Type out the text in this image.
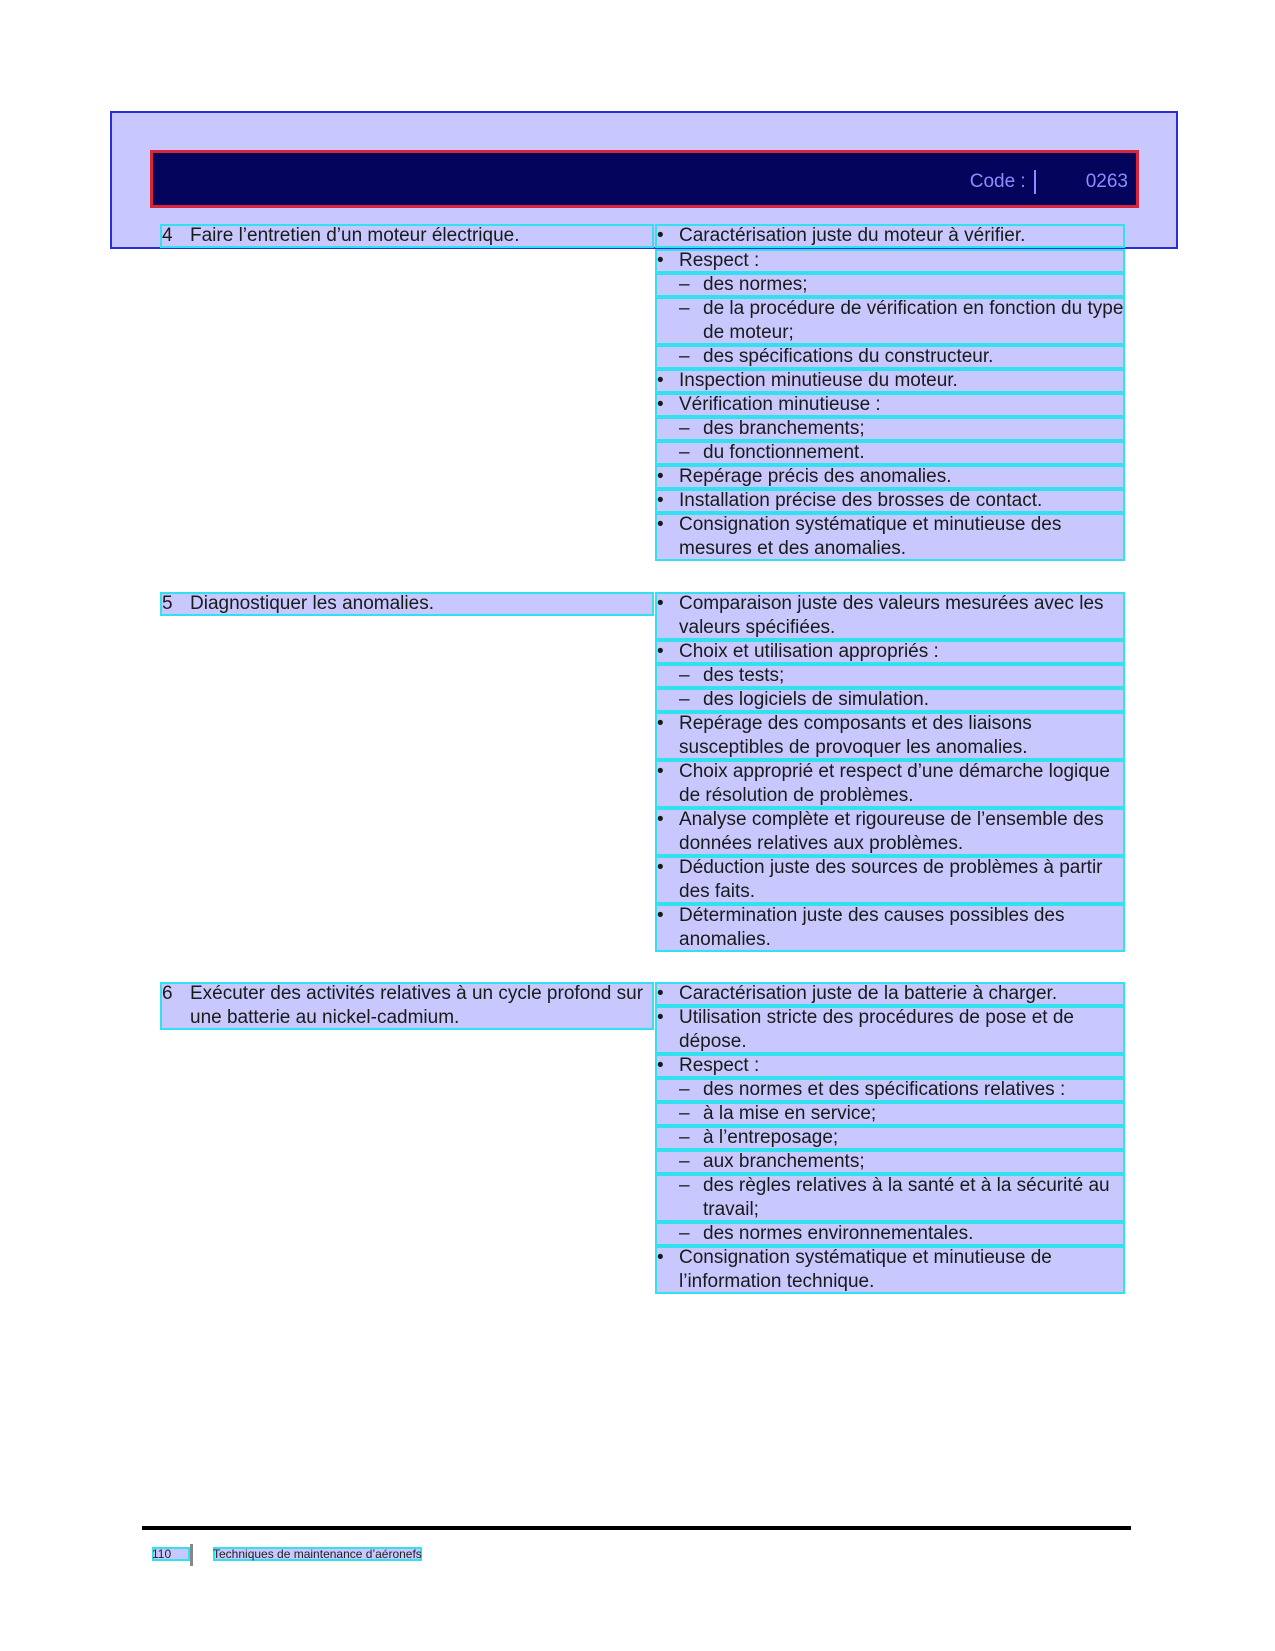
Code :	0263
4 Faire l’entretien d’un moteur électrique.	• Caractérisation juste du moteur à vérifier.
• Respect :
– des normes;
– de la procédure de vérification en fonction du type de moteur;
– des spécifications du constructeur.
• Inspection minutieuse du moteur.
• Vérification minutieuse :
– des branchements;
– du fonctionnement.
• Repérage précis des anomalies.
• Installation précise des brosses de contact.
• Consignation systématique et minutieuse des mesures et des anomalies.
5 Diagnostiquer les anomalies.	• Comparaison juste des valeurs mesurées avec les valeurs spécifiées.
• Choix et utilisation appropriés :
– des tests;
– des logiciels de simulation.
• Repérage des composants et des liaisons susceptibles de provoquer les anomalies.
• Choix approprié et respect d’une démarche logique de résolution de problèmes.
• Analyse complète et rigoureuse de l’ensemble des données relatives aux problèmes.
• Déduction juste des sources de problèmes à partir des faits.
• Détermination juste des causes possibles des anomalies.
6 Exécuter des activités relatives à un cycle profond sur une batterie au nickel-cadmium.
• Caractérisation juste de la batterie à charger.
• Utilisation stricte des procédures de pose et de dépose.
• Respect :
– des normes et des spécifications relatives :
– à la mise en service;
– à l’entreposage;
– aux branchements;
– des règles relatives à la santé et à la sécurité au travail;
– des normes environnementales.
• Consignation systématique et minutieuse de l’information technique.
110	Techniques de maintenance d’aéronefs
